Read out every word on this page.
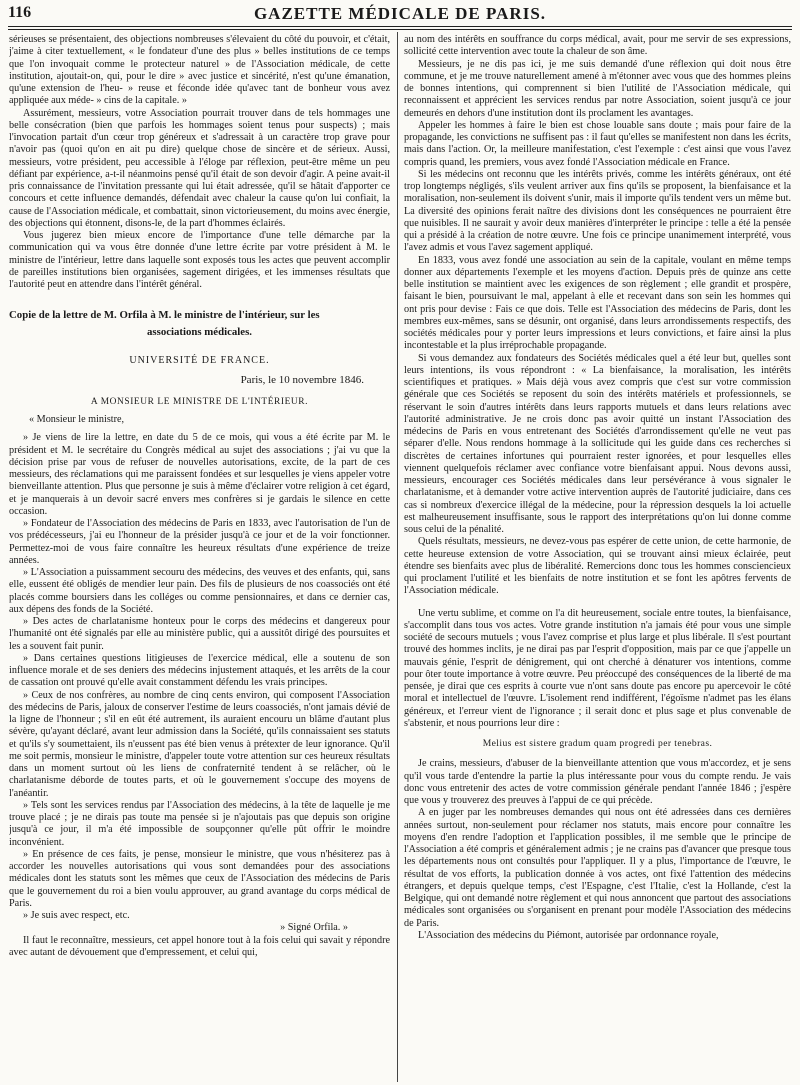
116	GAZETTE MÉDICALE DE PARIS.

sérieuses se présentaient, des objections nombreuses s'élevaient du côté du pouvoir, et c'était, j'aime à citer textuellement, « le fondateur d'une des plus » belles institutions de ce temps que l'on invoquait comme le protecteur naturel » de l'Association médicale, de cette institution, ajoutait-on, qui, pour le dire » avec justice et sincérité, n'est qu'une émanation, qu'une extension de l'heu- » reuse et féconde idée qu'avec tant de bonheur vous avez appliquée aux méde- » cins de la capitale. »

Assurément, messieurs, votre Association pourrait trouver dans de tels hommages une belle consécration (bien que parfois les hommages soient tenus pour suspects) ; mais l'invocation partait d'un cœur trop généreux et s'adressait à un caractère trop grave pour n'avoir pas (quoi qu'on en ait pu dire) quelque chose de sincère et de sérieux. Aussi, messieurs, votre président, peu accessible à l'éloge par réflexion, peut-être même un peu défiant par expérience, a-t-il néanmoins pensé qu'il était de son devoir d'agir. A peine avait-il pris connaissance de l'invitation pressante qui lui était adressée, qu'il se hâtait d'apporter ce concours et cette influence demandés, défendait avec chaleur la cause qu'on lui confiait, la cause de l'Association médicale, et combattait, sinon victorieusement, du moins avec énergie, des objections qui étonnent, disons-le, de la part d'hommes éclairés.

Vous jugerez bien mieux encore de l'importance d'une telle démarche par la communication qui va vous être donnée d'une lettre écrite par votre président à M. le ministre de l'intérieur, lettre dans laquelle sont exposés tous les actes que peuvent accomplir de pareilles institutions bien organisées, sagement dirigées, et les immenses résultats que l'autorité peut en attendre dans l'intérêt général.

Copie de la lettre de M. Orfila à M. le ministre de l'intérieur, sur les
associations médicales.
UNIVERSITÉ DE FRANCE.
Paris, le 10 novembre 1846.
A MONSIEUR LE MINISTRE DE L'INTÉRIEUR.

« Monsieur le ministre,

» Je viens de lire la lettre, en date du 5 de ce mois, qui vous a été écrite par M. le président et M. le secrétaire du Congrès médical au sujet des associations ; j'ai vu que la décision prise par vous de refuser de nouvelles autorisations, excite, de la part de ces messieurs, des réclamations qui me paraissent fondées et sur lesquelles je viens appeler votre bienveillante attention. Plus que personne je suis à même d'éclairer votre religion à cet égard, et je manquerais à un devoir sacré envers mes confrères si je gardais le silence en cette occasion.

» Fondateur de l'Association des médecins de Paris en 1833, avec l'autorisation de l'un de vos prédécesseurs, j'ai eu l'honneur de la présider jusqu'à ce jour et de la voir fonctionner. Permettez-moi de vous faire connaître les heureux résultats d'une expérience de treize années.

» L'Association a puissamment secouru des médecins, des veuves et des enfants, qui, sans elle, eussent été obligés de mendier leur pain. Des fils de plusieurs de nos coassociés ont été placés comme boursiers dans les colléges ou comme pensionnaires, et dans ce dernier cas, aux dépens des fonds de la Société.

» Des actes de charlatanisme honteux pour le corps des médecins et dangereux pour l'humanité ont été signalés par elle au ministère public, qui a aussitôt dirigé des poursuites et les a souvent fait punir.

» Dans certaines questions litigieuses de l'exercice médical, elle a soutenu de son influence morale et de ses deniers des médecins injustement attaqués, et les arrêts de la cour de cassation ont prouvé qu'elle avait constamment défendu les vrais principes.

» Ceux de nos confrères, au nombre de cinq cents environ, qui composent l'Association des médecins de Paris, jaloux de conserver l'estime de leurs coassociés, n'ont jamais dévié de la ligne de l'honneur ; s'il en eût été autrement, ils auraient encouru un blâme d'autant plus sévère, qu'ayant déclaré, avant leur admission dans la Société, qu'ils connaissaient ses statuts et qu'ils s'y soumettaient, ils n'eussent pas été bien venus à prétexter de leur ignorance. Qu'il me soit permis, monsieur le ministre, d'appeler toute votre attention sur ces heureux résultats dans un moment surtout où les liens de confraternité tendent à se relâcher, où le charlatanisme déborde de toutes parts, et où le gouvernement s'occupe des moyens de l'anéantir.

» Tels sont les services rendus par l'Association des médecins, à la tête de laquelle je me trouve placé ; je ne dirais pas toute ma pensée si je n'ajoutais pas que depuis son origine jusqu'à ce jour, il m'a été impossible de soupçonner qu'elle pût offrir le moindre inconvénient.

» En présence de ces faits, je pense, monsieur le ministre, que vous n'hésiterez pas à accorder les nouvelles autorisations qui vous sont demandées pour des associations médicales dont les statuts sont les mêmes que ceux de l'Association des médecins de Paris que le gouvernement du roi a bien voulu approuver, au grand avantage du corps médical de Paris.

» Je suis avec respect, etc.

» Signé Orfila. »

Il faut le reconnaître, messieurs, cet appel honore tout à la fois celui qui savait y répondre avec autant de dévouement que d'empressement, et celui qui,

au nom des intérêts en souffrance du corps médical, avait, pour me servir de ses expressions, sollicité cette intervention avec toute la chaleur de son âme.

Messieurs, je ne dis pas ici, je me suis demandé d'une réflexion qui doit nous être commune, et je me trouve naturellement amené à m'étonner avec vous que des hommes pleins de bonnes intentions, qui comprennent si bien l'utilité de l'Association médicale, qui reconnaissent et apprécient les services rendus par notre Association, soient jusqu'à ce jour demeurés en dehors d'une institution dont ils proclament les avantages.

Appeler les hommes à faire le bien est chose louable sans doute ; mais pour faire de la propagande, les convictions ne suffisent pas : il faut qu'elles se manifestent non dans les écrits, mais dans l'action. Or, la meilleure manifestation, c'est l'exemple : c'est ainsi que vous l'avez compris quand, les premiers, vous avez fondé l'Association médicale en France.

Si les médecins ont reconnu que les intérêts privés, comme les intérêts généraux, ont été trop longtemps négligés, s'ils veulent arriver aux fins qu'ils se proposent, la bienfaisance et la moralisation, non-seulement ils doivent s'unir, mais il importe qu'ils tendent vers un même but. La diversité des opinions ferait naître des divisions dont les conséquences ne pourraient être que nuisibles. Il ne saurait y avoir deux manières d'interpréter le principe : telle a été la pensée qui a présidé à la création de notre œuvre. Une fois ce principe unanimement interprété, vous l'avez admis et vous l'avez sagement appliqué.

En 1833, vous avez fondé une association au sein de la capitale, voulant en même temps donner aux départements l'exemple et les moyens d'action. Depuis près de quinze ans cette belle institution se maintient avec les exigences de son règlement ; elle grandit et prospère, faisant le bien, poursuivant le mal, appelant à elle et recevant dans son sein les hommes qui ont pris pour devise : Fais ce que dois. Telle est l'Association des médecins de Paris, dont les membres eux-mêmes, sans se désunir, ont organisé, dans leurs arrondissements respectifs, des sociétés médicales pour y porter leurs impressions et leurs convictions, et faire ainsi la plus incontestable et la plus irréprochable propagande.

Si vous demandez aux fondateurs des Sociétés médicales quel a été leur but, quelles sont leurs intentions, ils vous répondront : « La bienfaisance, la moralisation, les intérêts scientifiques et pratiques. » Mais déjà vous avez compris que c'est sur votre commission générale que ces Sociétés se reposent du soin des intérêts matériels et professionnels, se réservant le soin d'autres intérêts dans leurs rapports mutuels et dans leurs relations avec l'autorité administrative. Je ne crois donc pas avoir quitté un instant l'Association des médecins de Paris en vous entretenant des Sociétés d'arrondissement qu'elle ne veut pas séparer d'elle. Nous rendons hommage à la sollicitude qui les guide dans ces recherches si discrètes de certaines infortunes qui pourraient rester ignorées, et pour lesquelles elles viennent quelquefois réclamer avec confiance votre bienfaisant appui. Nous devons aussi, messieurs, encourager ces Sociétés médicales dans leur persévérance à vous signaler le charlatanisme, et à demander votre active intervention auprès de l'autorité judiciaire, dans ces cas si nombreux d'exercice illégal de la médecine, pour la répression desquels la loi actuelle est malheureusement insuffisante, sous le rapport des interprétations qu'on lui donne comme sous celui de la pénalité.

Quels résultats, messieurs, ne devez-vous pas espérer de cette union, de cette harmonie, de cette heureuse extension de votre Association, qui se trouvant ainsi mieux éclairée, peut étendre ses bienfaits avec plus de libéralité. Remercions donc tous les hommes consciencieux qui proclament l'utilité et les bienfaits de notre institution et se font les apôtres fervents de l'Association médicale.

Une vertu sublime, et comme on l'a dit heureusement, sociale entre toutes, la bienfaisance, s'accomplit dans tous vos actes. Votre grande institution n'a jamais été pour vous une simple société de secours mutuels ; vous l'avez comprise et plus large et plus libérale. Il s'est pourtant trouvé des hommes inclits, je ne dirai pas par l'esprit d'opposition, mais par ce que j'appelle un mauvais génie, l'esprit de dénigrement, qui ont cherché à dénaturer vos intentions, comme pour ôter toute importance à votre œuvre. Peu préoccupé des conséquences de la liberté de ma pensée, je dirai que ces esprits à courte vue n'ont sans doute pas encore pu apercevoir le côté moral et intellectuel de l'œuvre. L'isolement rend indifférent, l'égoïsme n'admet pas les élans généreux, et l'erreur vient de l'ignorance ; il serait donc et plus sage et plus convenable de s'abstenir, et nous pourrions leur dire :

Melius est sistere gradum quam progredi per tenebras.

Je crains, messieurs, d'abuser de la bienveillante attention que vous m'accordez, et je sens qu'il vous tarde d'entendre la partie la plus intéressante pour vous du compte rendu. Je vais donc vous entretenir des actes de votre commission générale pendant l'année 1846 ; j'espère que vous y trouverez des preuves à l'appui de ce qui précède.

A en juger par les nombreuses demandes qui nous ont été adressées dans ces dernières années surtout, non-seulement pour réclamer nos statuts, mais encore pour connaître les moyens d'en rendre l'adoption et l'application possibles, il me semble que le principe de l'Association a été compris et généralement admis ; je ne crains pas d'avancer que presque tous les départements nous ont consultés pour l'appliquer. Il y a plus, l'importance de l'œuvre, le résultat de vos efforts, la publication donnée à vos actes, ont fixé l'attention des médecins étrangers, et depuis quelque temps, c'est l'Espagne, c'est l'Italie, c'est la Hollande, c'est la Belgique, qui ont demandé notre règlement et qui nous annoncent que partout des associations médicales sont organisées ou s'organisent en prenant pour modèle l'Association des médecins de Paris.

L'Association des médecins du Piémont, autorisée par ordonnance royale,
